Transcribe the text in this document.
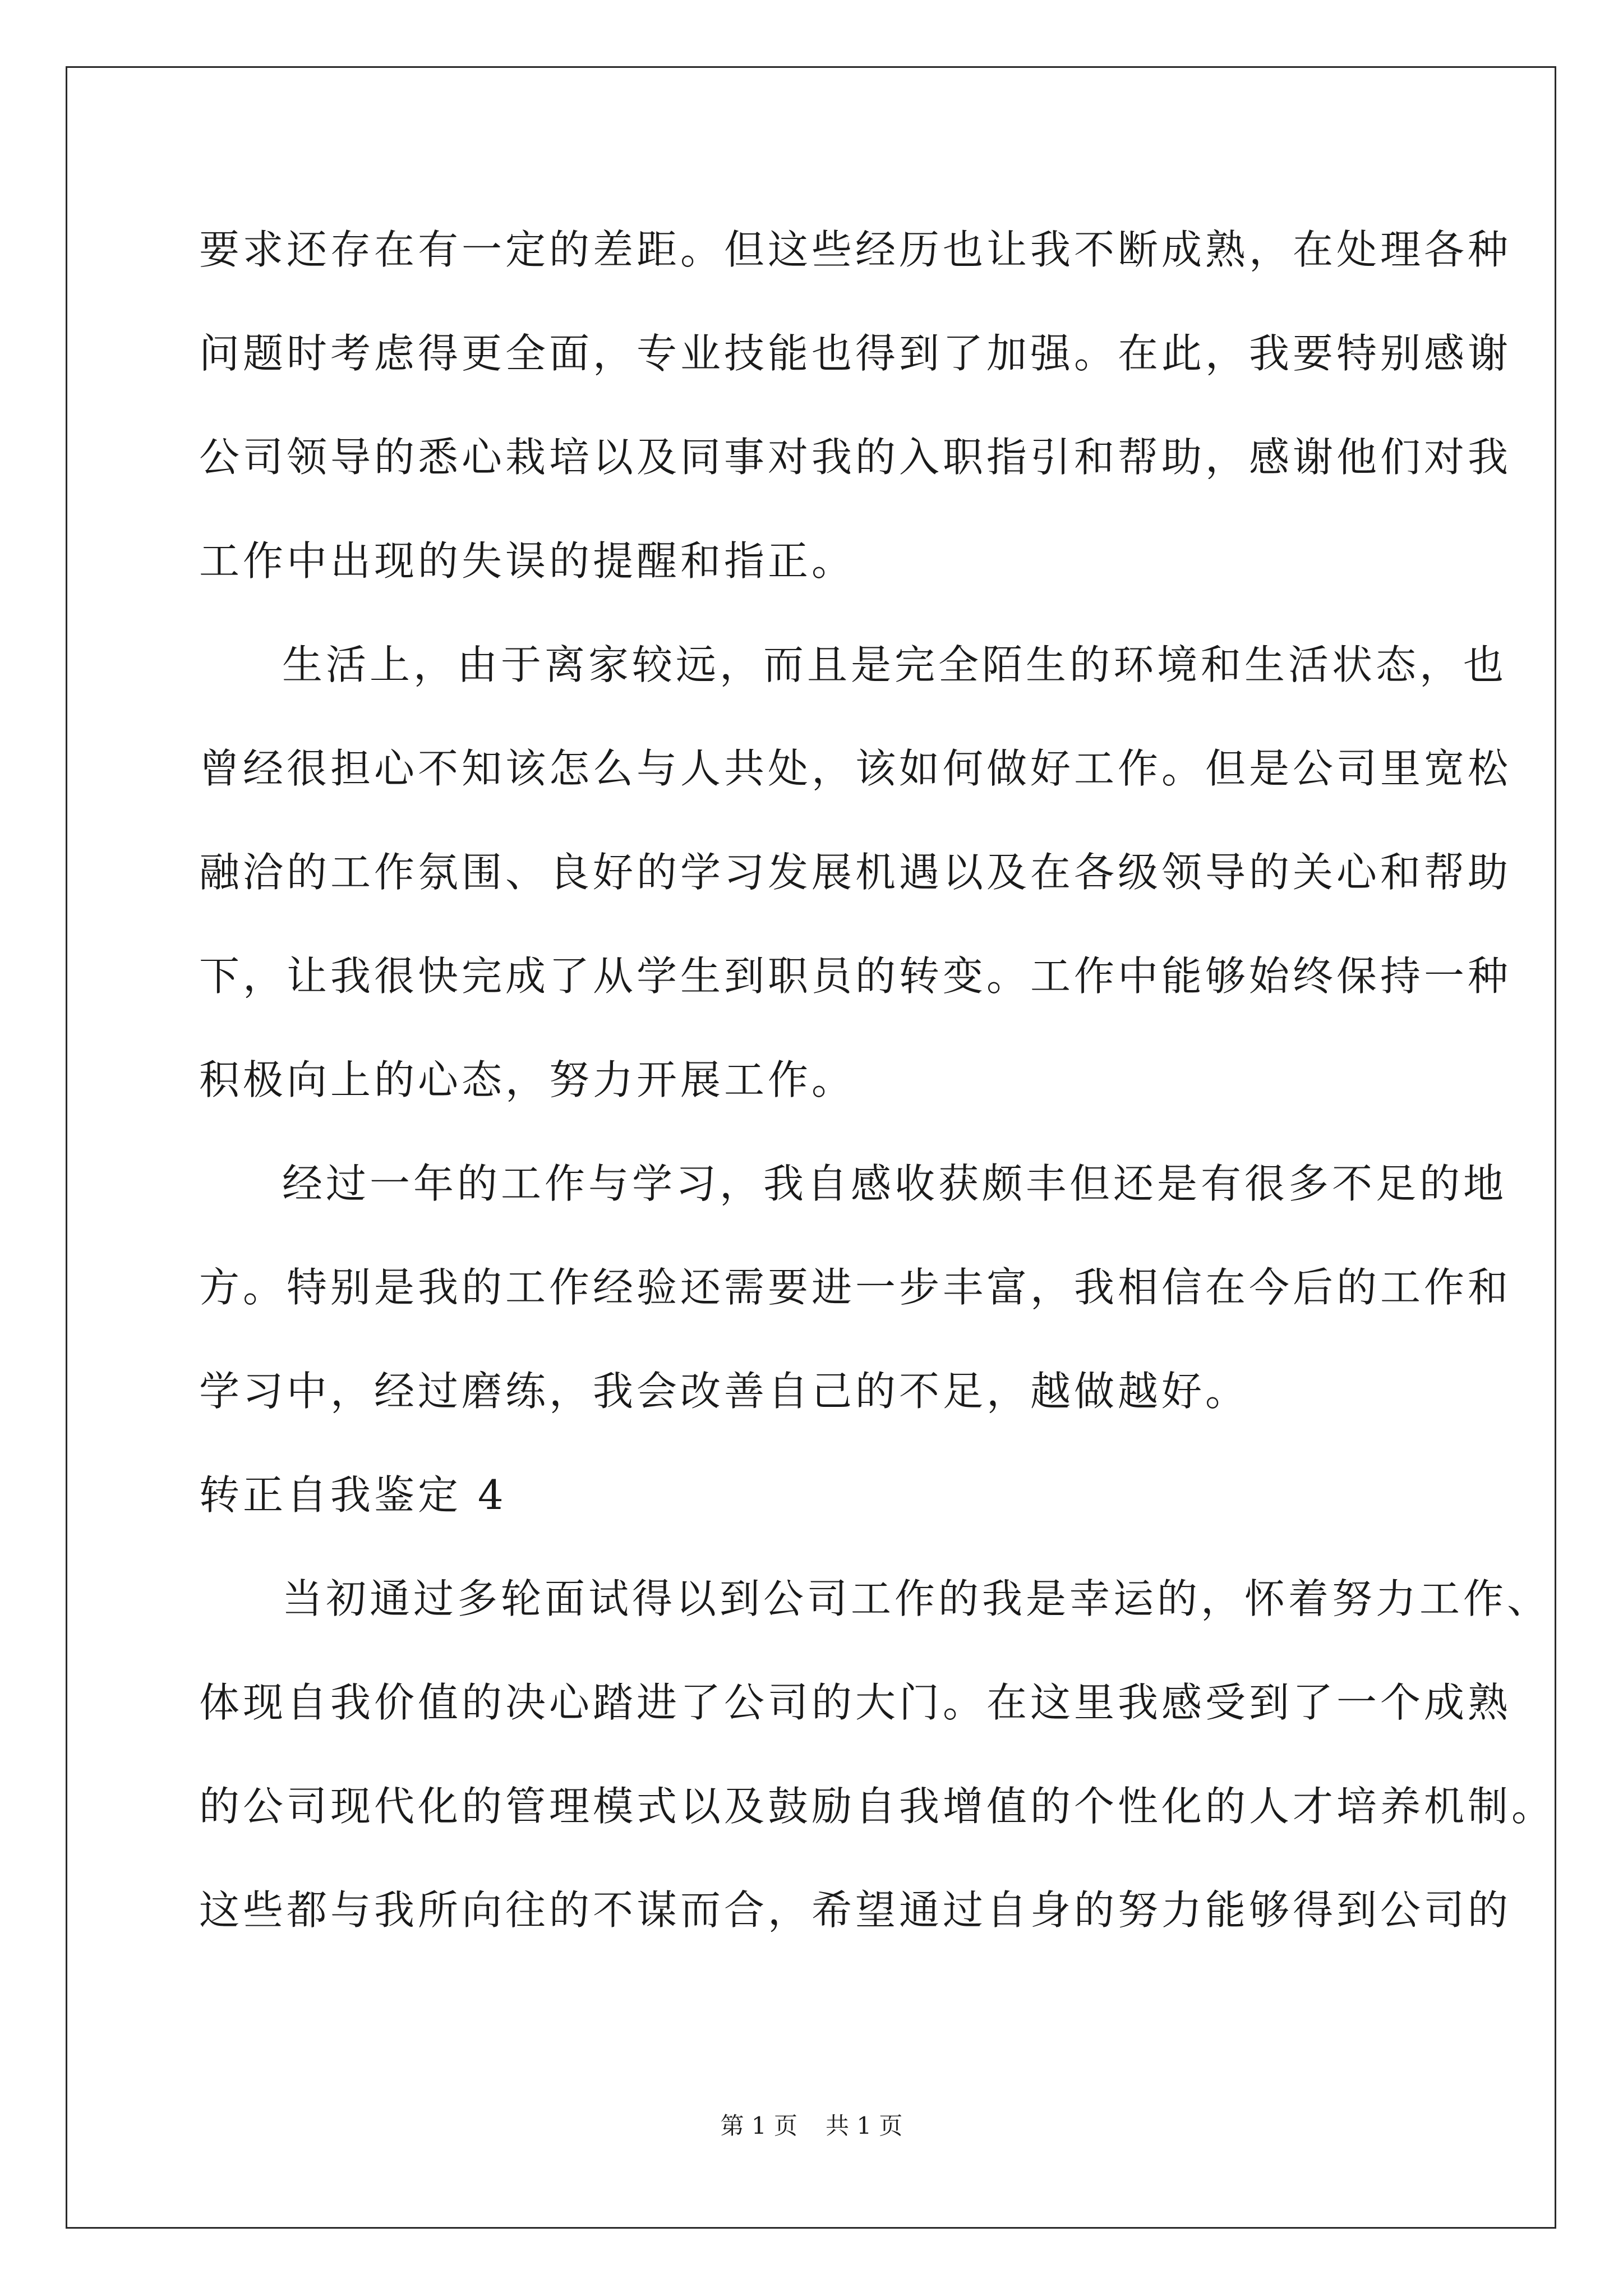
要求还存在有一定的差距。但这些经历也让我不断成熟，在处理各种
问题时考虑得更全面，专业技能也得到了加强。在此，我要特别感谢
公司领导的悉心栽培以及同事对我的入职指引和帮助，感谢他们对我
工作中出现的失误的提醒和指正。
生活上，由于离家较远，而且是完全陌生的环境和生活状态，也
曾经很担心不知该怎么与人共处，该如何做好工作。但是公司里宽松
融洽的工作氛围、良好的学习发展机遇以及在各级领导的关心和帮助
下，让我很快完成了从学生到职员的转变。工作中能够始终保持一种
积极向上的心态，努力开展工作。
经过一年的工作与学习，我自感收获颇丰但还是有很多不足的地
方。特别是我的工作经验还需要进一步丰富，我相信在今后的工作和
学习中，经过磨练，我会改善自己的不足，越做越好。
转正自我鉴定 4
当初通过多轮面试得以到公司工作的我是幸运的，怀着努力工作、
体现自我价值的决心踏进了公司的大门。在这里我感受到了一个成熟
的公司现代化的管理模式以及鼓励自我增值的个性化的人才培养机制。
这些都与我所向往的不谋而合，希望通过自身的努力能够得到公司的
第 1 页 共 1 页
